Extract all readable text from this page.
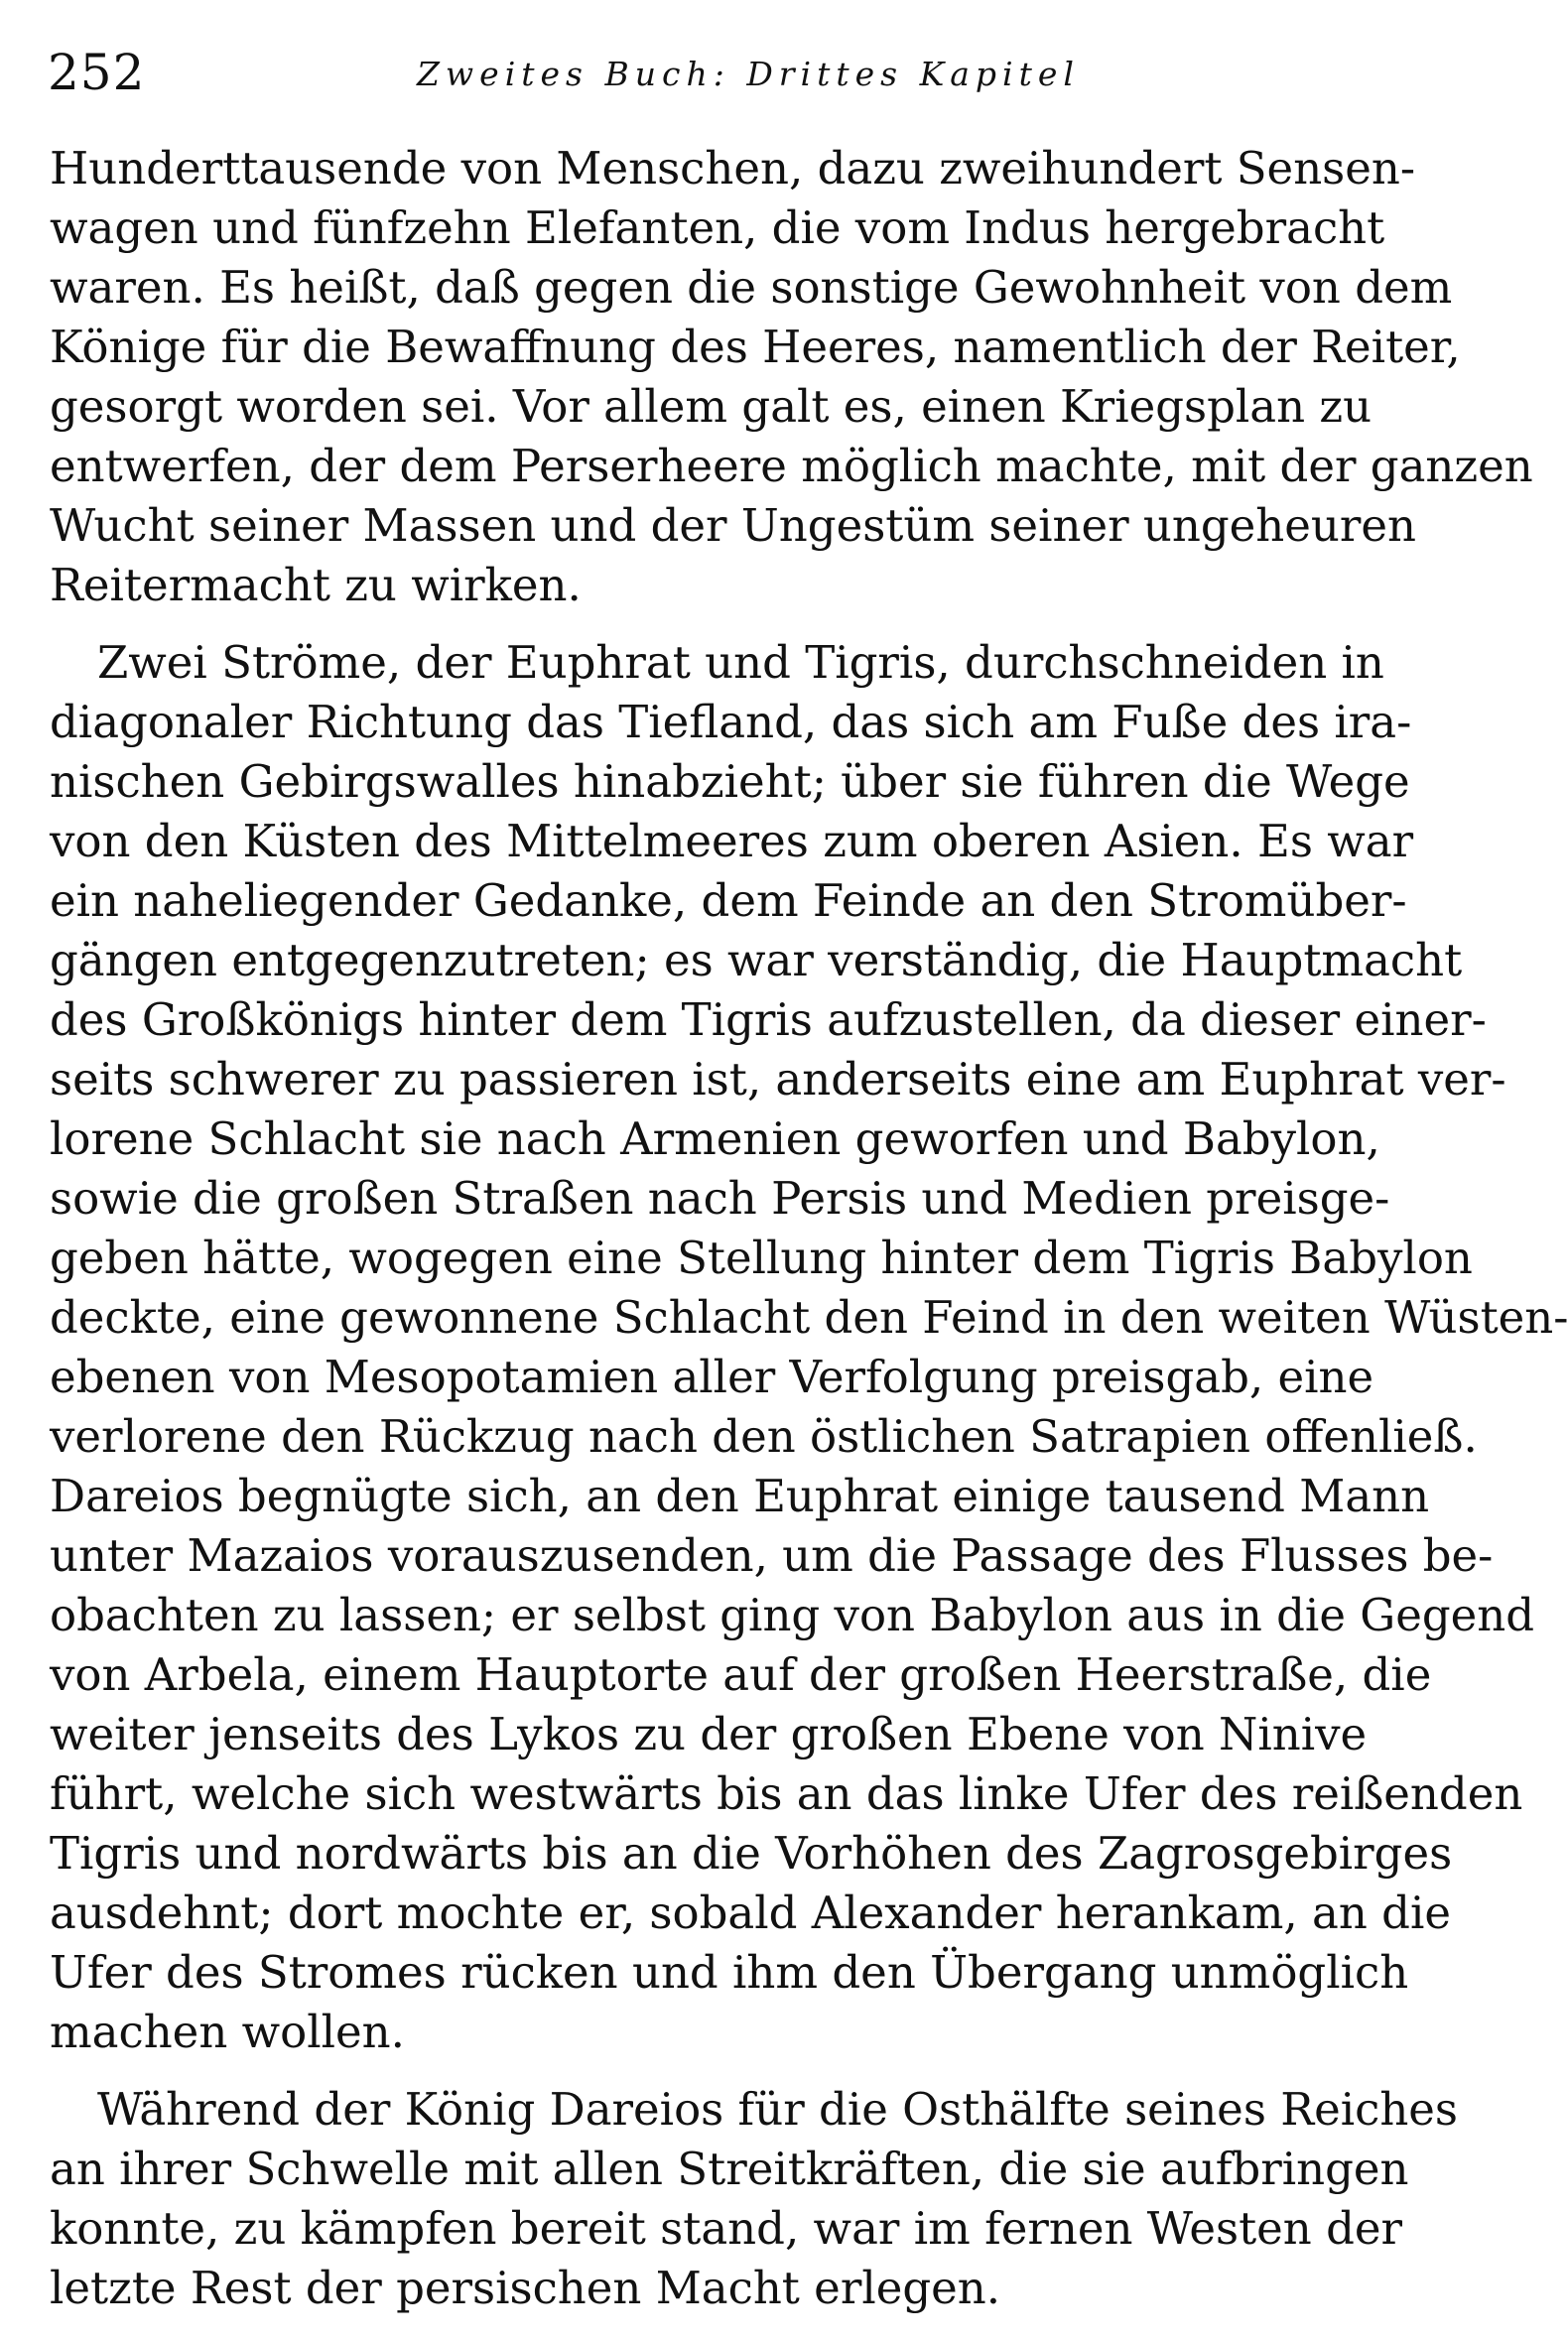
252	Zweites Buch: Drittes Kapitel
Hunderttausende von Menschen, dazu zweihundert Sensen-
wagen und fünfzehn Elefanten, die vom Indus hergebracht
waren. Es heißt, daß gegen die sonstige Gewohnheit von dem
Könige für die Bewaffnung des Heeres, namentlich der Reiter,
gesorgt worden sei. Vor allem galt es, einen Kriegsplan zu
entwerfen, der dem Perserheere möglich machte, mit der ganzen
Wucht seiner Massen und der Ungestüm seiner ungeheuren
Reitermacht zu wirken.
Zwei Ströme, der Euphrat und Tigris, durchschneiden in
diagonaler Richtung das Tiefland, das sich am Fuße des ira-
nischen Gebirgswalles hinabzieht; über sie führen die Wege
von den Küsten des Mittelmeeres zum oberen Asien. Es war
ein naheliegender Gedanke, dem Feinde an den Stromüber-
gängen entgegenzutreten; es war verständig, die Hauptmacht
des Großkönigs hinter dem Tigris aufzustellen, da dieser einer-
seits schwerer zu passieren ist, anderseits eine am Euphrat ver-
lorene Schlacht sie nach Armenien geworfen und Babylon,
sowie die großen Straßen nach Persis und Medien preisge-
geben hätte, wogegen eine Stellung hinter dem Tigris Babylon
deckte, eine gewonnene Schlacht den Feind in den weiten Wüsten-
ebenen von Mesopotamien aller Verfolgung preisgab, eine
verlorene den Rückzug nach den östlichen Satrapien offenließ.
Dareios begnügte sich, an den Euphrat einige tausend Mann
unter Mazaios vorauszusenden, um die Passage des Flusses be-
obachten zu lassen; er selbst ging von Babylon aus in die Gegend
von Arbela, einem Hauptorte auf der großen Heerstraße, die
weiter jenseits des Lykos zu der großen Ebene von Ninive
führt, welche sich westwärts bis an das linke Ufer des reißenden
Tigris und nordwärts bis an die Vorhöhen des Zagrosgebirges
ausdehnt; dort mochte er, sobald Alexander herankam, an die
Ufer des Stromes rücken und ihm den Übergang unmöglich
machen wollen.
Während der König Dareios für die Osthälfte seines Reiches
an ihrer Schwelle mit allen Streitkräften, die sie aufbringen
konnte, zu kämpfen bereit stand, war im fernen Westen der
letzte Rest der persischen Macht erlegen.
